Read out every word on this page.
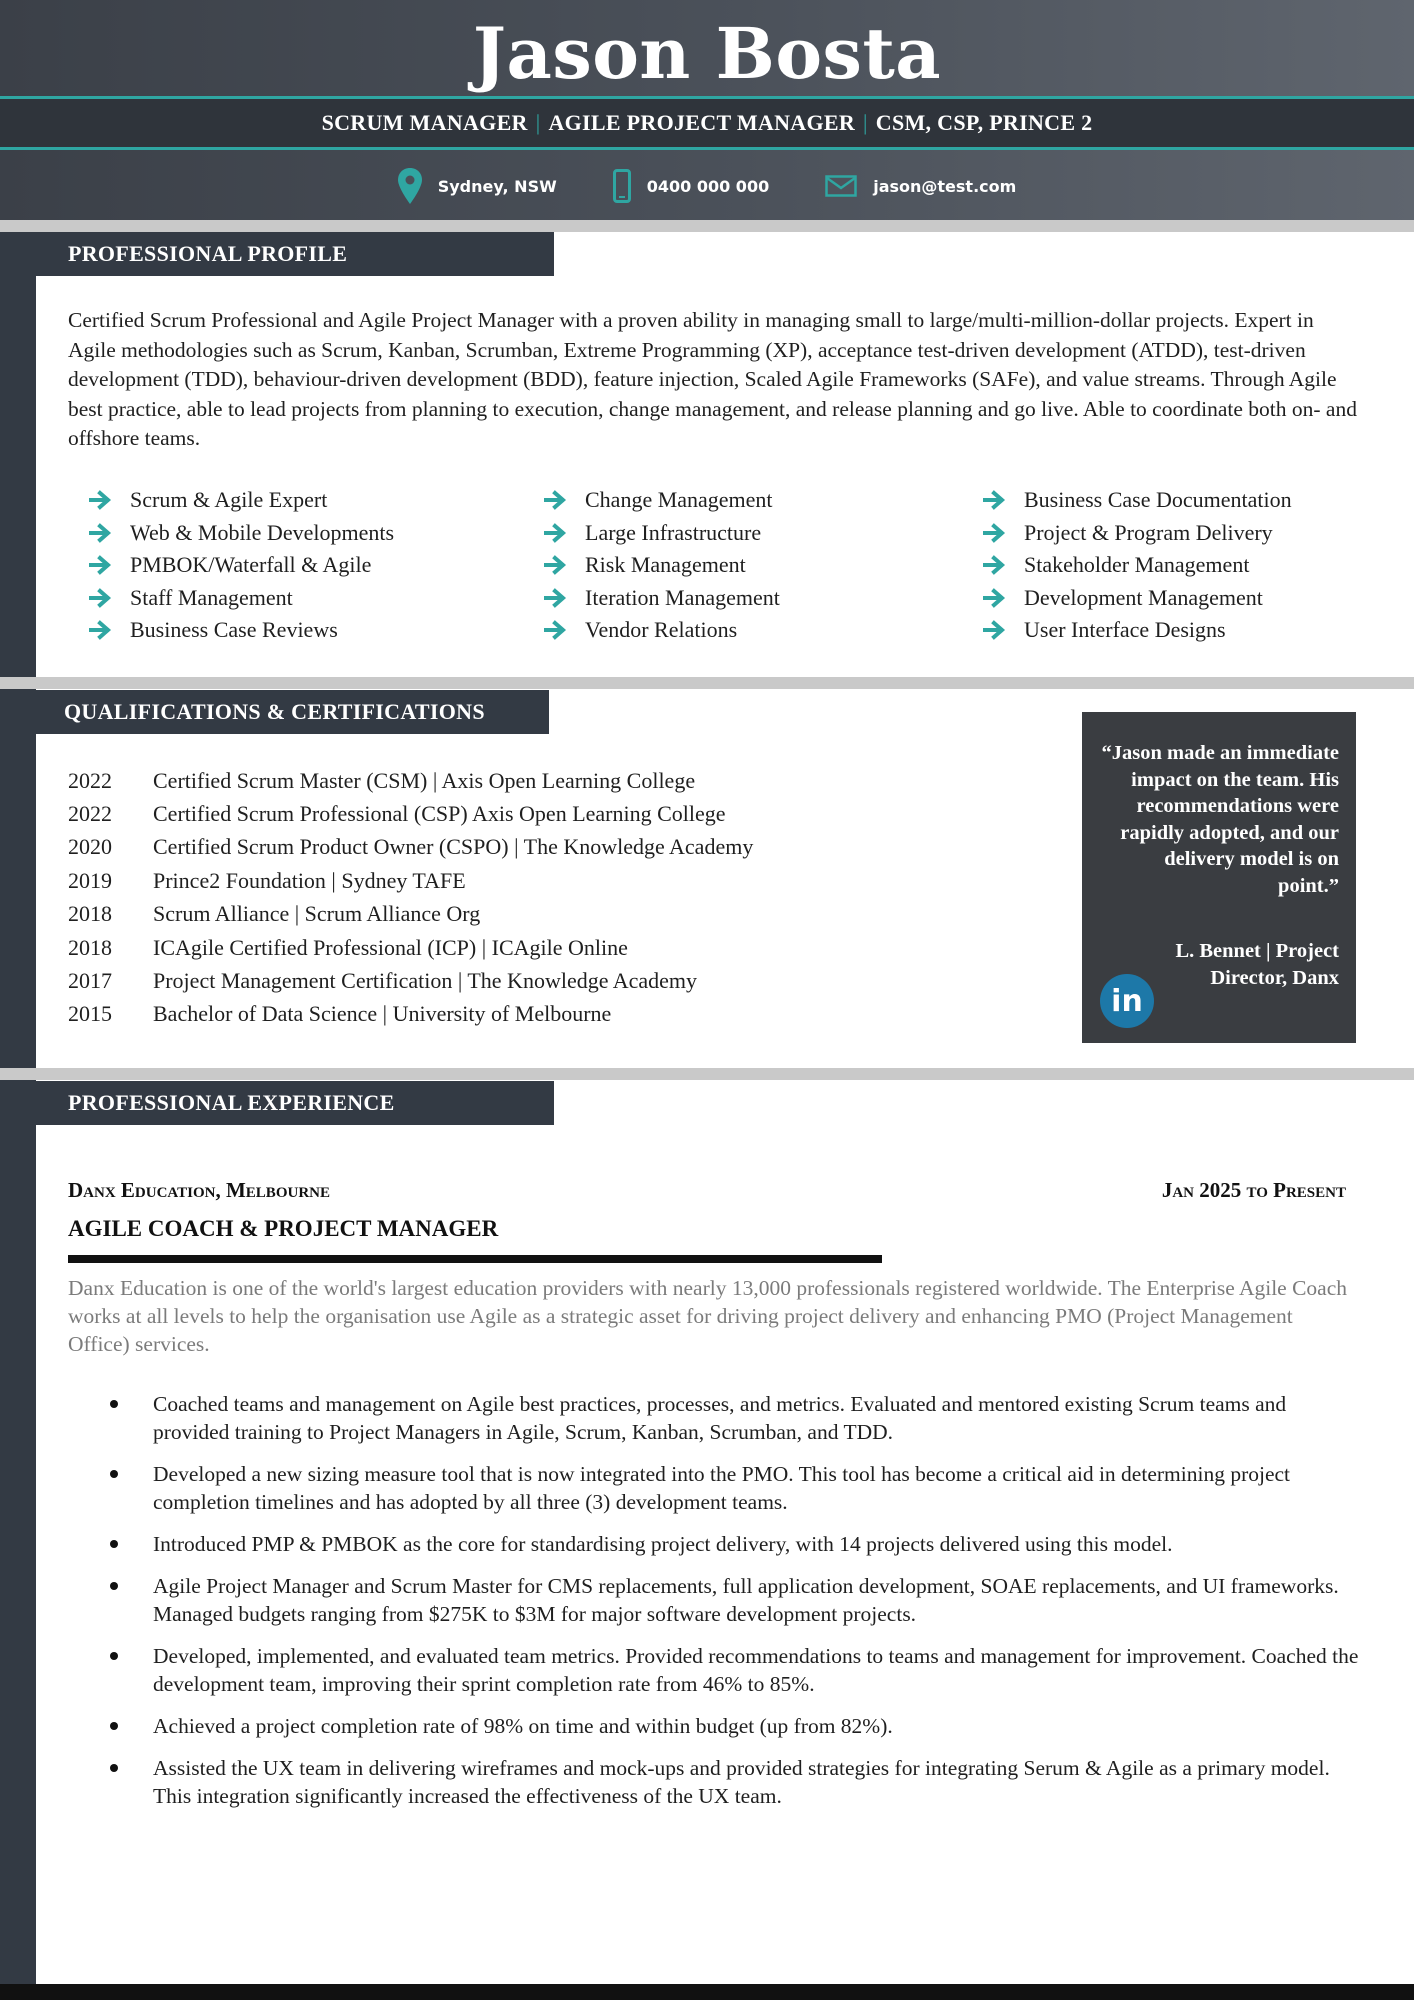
Jason Bosta
SCRUM MANAGER | AGILE PROJECT MANAGER | CSM, CSP, PRINCE 2
Sydney, NSW	0400 000 000	jason@test.com
PROFESSIONAL PROFILE

Certified Scrum Professional and Agile Project Manager with a proven ability in managing small to large/multi-million-dollar projects. Expert in Agile methodologies such as Scrum, Kanban, Scrumban, Extreme Programming (XP), acceptance test-driven development (ATDD), test-driven development (TDD), behaviour-driven development (BDD), feature injection, Scaled Agile Frameworks (SAFe), and value streams. Through Agile best practice, able to lead projects from planning to execution, change management, and release planning and go live. Able to coordinate both on- and offshore teams.

Scrum & Agile Expert
Web & Mobile Developments
PMBOK/Waterfall & Agile
Staff Management
Business Case Reviews
Change Management
Large Infrastructure
Risk Management
Iteration Management
Vendor Relations
Business Case Documentation
Project & Program Delivery
Stakeholder Management
Development Management
User Interface Designs
QUALIFICATIONS & CERTIFICATIONS
2022	Certified Scrum Master (CSM) | Axis Open Learning College
2022	Certified Scrum Professional (CSP) Axis Open Learning College
2020	Certified Scrum Product Owner (CSPO) | The Knowledge Academy
2019	Prince2 Foundation | Sydney TAFE
2018	Scrum Alliance | Scrum Alliance Org
2018	ICAgile Certified Professional (ICP) | ICAgile Online
2017	Project Management Certification | The Knowledge Academy
2015	Bachelor of Data Science | University of Melbourne
“Jason made an immediate impact on the team. His recommendations were rapidly adopted, and our delivery model is on point.”
L. Bennet | Project Director, Danx
in
PROFESSIONAL EXPERIENCE
Danx Education, Melbourne	Jan 2025 to Present
AGILE COACH & PROJECT MANAGER

Danx Education is one of the world's largest education providers with nearly 13,000 professionals registered worldwide. The Enterprise Agile Coach works at all levels to help the organisation use Agile as a strategic asset for driving project delivery and enhancing PMO (Project Management Office) services.

Coached teams and management on Agile best practices, processes, and metrics. Evaluated and mentored existing Scrum teams and provided training to Project Managers in Agile, Scrum, Kanban, Scrumban, and TDD.
Developed a new sizing measure tool that is now integrated into the PMO. This tool has become a critical aid in determining project completion timelines and has adopted by all three (3) development teams.
Introduced PMP & PMBOK as the core for standardising project delivery, with 14 projects delivered using this model.
Agile Project Manager and Scrum Master for CMS replacements, full application development, SOAE replacements, and UI frameworks. Managed budgets ranging from $275K to $3M for major software development projects.
Developed, implemented, and evaluated team metrics. Provided recommendations to teams and management for improvement. Coached the development team, improving their sprint completion rate from 46% to 85%.
Achieved a project completion rate of 98% on time and within budget (up from 82%).
Assisted the UX team in delivering wireframes and mock-ups and provided strategies for integrating Serum & Agile as a primary model. This integration significantly increased the effectiveness of the UX team.
